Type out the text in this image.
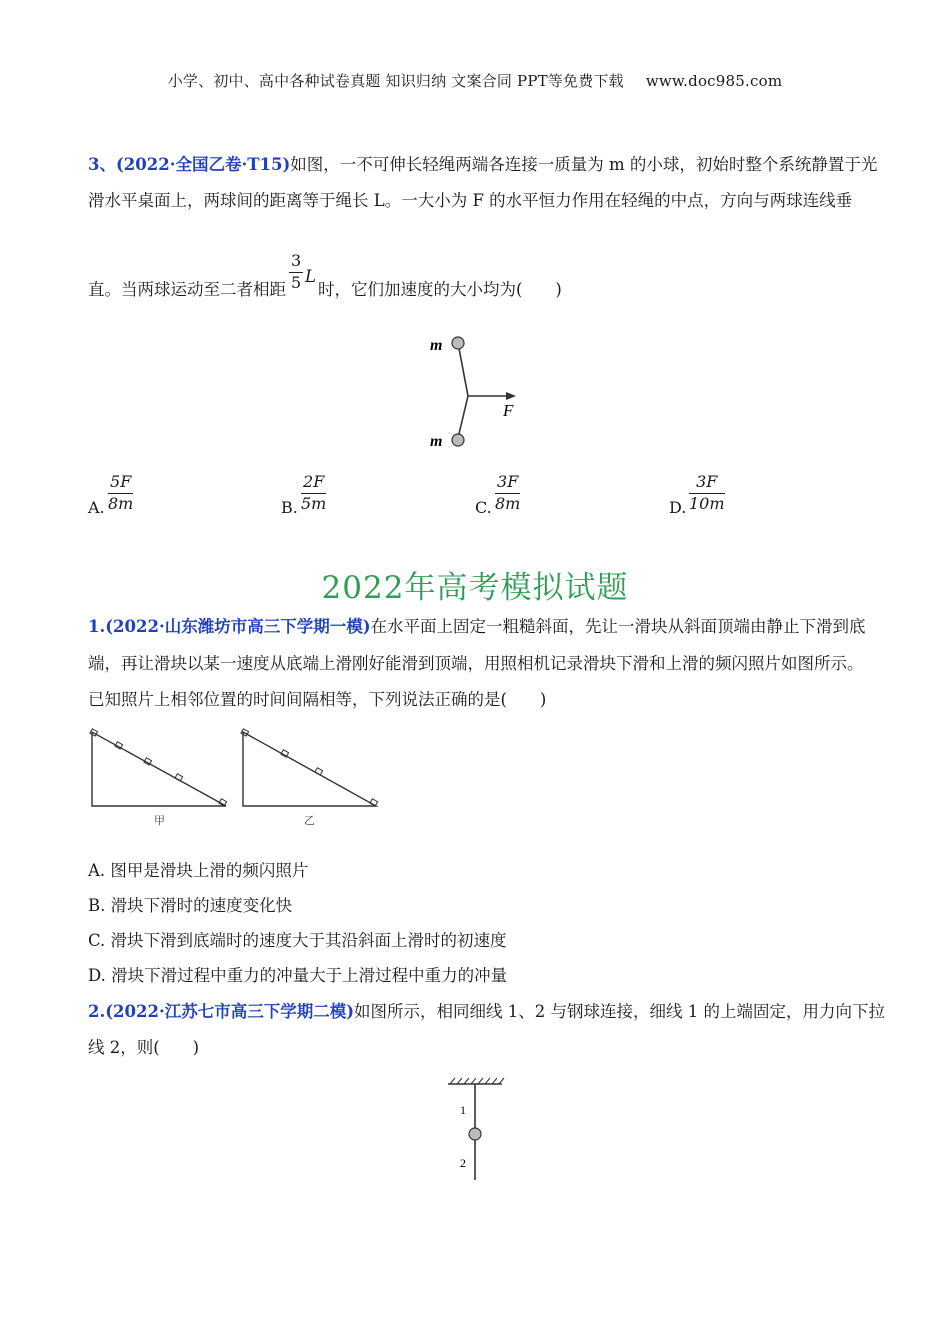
小学、初中、高中各种试卷真题 知识归纳 文案合同 PPT等免费下载 www.doc985.com
3、(2022·全国乙卷·T15)如图，一不可伸长轻绳两端各连接一质量为 m 的小球，初始时整个系统静置于光
滑水平桌面上，两球间的距离等于绳长 L。一大小为 F 的水平恒力作用在轻绳的中点，方向与两球连线垂
直。当两球运动至二者相距 $\frac{3}{5}$ L
时，它们加速度的大小均为(　　)
m
m
F
A. $\frac{5F}{8m}$	B. $\frac{2F}{5m}$	C. $\frac{3F}{8m}$	D. $\frac{3F}{10m}$
2022年高考模拟试题
1.(2022·山东潍坊市高三下学期一模)在水平面上固定一粗糙斜面，先让一滑块从斜面顶端由静止下滑到底
端，再让滑块以某一速度从底端上滑刚好能滑到顶端，用照相机记录滑块下滑和上滑的频闪照片如图所示。
已知照片上相邻位置的时间间隔相等，下列说法正确的是(　　)
甲	乙
A. 图甲是滑块上滑的频闪照片
B. 滑块下滑时的速度变化快
C. 滑块下滑到底端时的速度大于其沿斜面上滑时的初速度
D. 滑块下滑过程中重力的冲量大于上滑过程中重力的冲量
2.(2022·江苏七市高三下学期二模)如图所示，相同细线 1、2 与钢球连接，细线 1 的上端固定，用力向下拉
线 2，则(　　)
1
2
